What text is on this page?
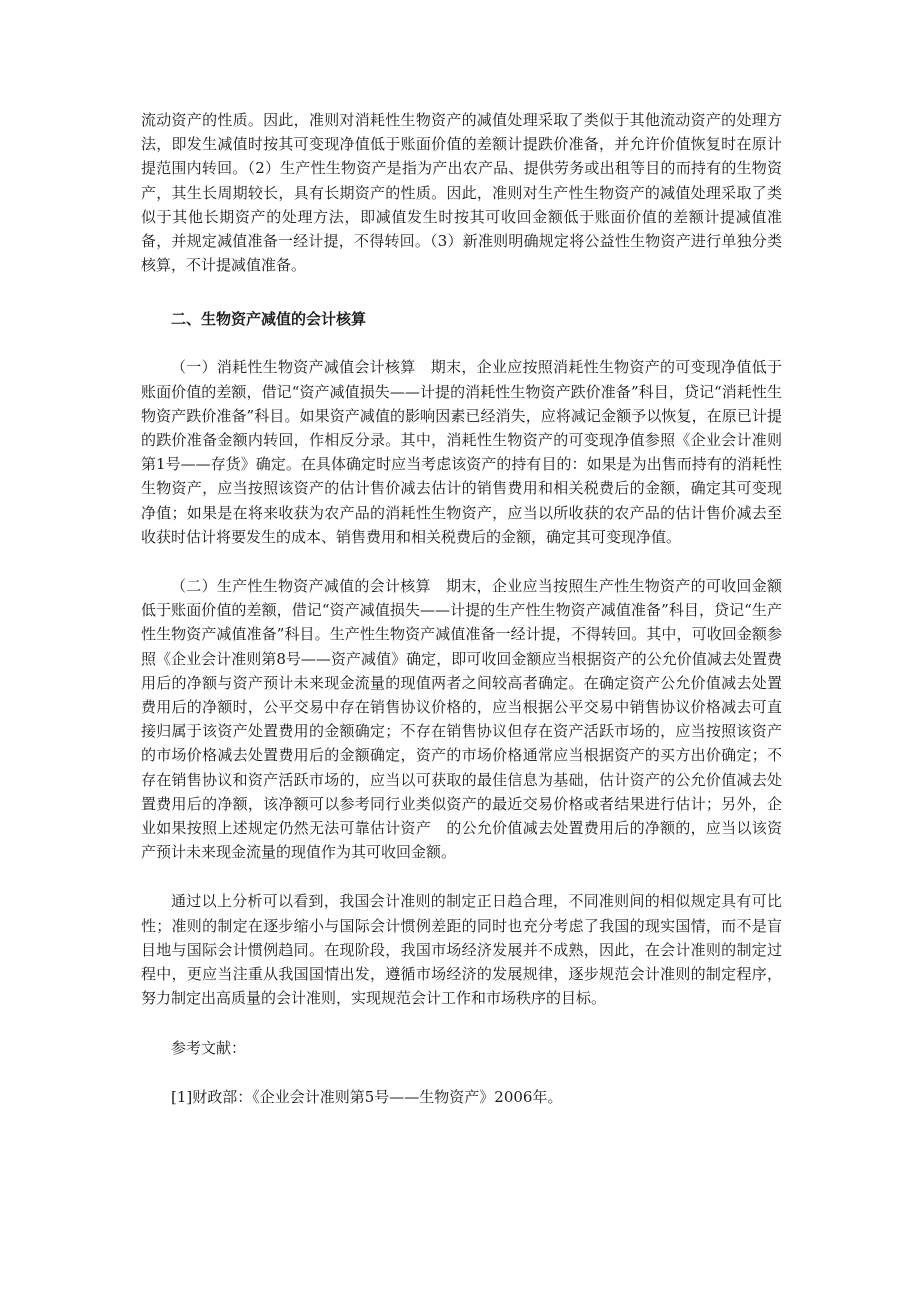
流动资产的性质。因此，准则对消耗性生物资产的减值处理采取了类似于其他流动资产的处理方法，即发生减值时按其可变现净值低于账面价值的差额计提跌价准备，并允许价值恢复时在原计提范围内转回。（2）生产性生物资产是指为产出农产品、提供劳务或出租等目的而持有的生物资产，其生长周期较长，具有长期资产的性质。因此，准则对生产性生物资产的减值处理采取了类似于其他长期资产的处理方法，即减值发生时按其可收回金额低于账面价值的差额计提减值准备，并规定减值准备一经计提，不得转回。（3）新准则明确规定将公益性生物资产进行单独分类核算，不计提减值准备。

二、生物资产减值的会计核算

（一）消耗性生物资产减值会计核算　期末，企业应按照消耗性生物资产的可变现净值低于账面价值的差额，借记“资产减值损失——计提的消耗性生物资产跌价准备”科目，贷记“消耗性生物资产跌价准备”科目。如果资产减值的影响因素已经消失，应将减记金额予以恢复，在原已计提的跌价准备金额内转回，作相反分录。其中，消耗性生物资产的可变现净值参照《企业会计准则第1号——存货》确定。在具体确定时应当考虑该资产的持有目的：如果是为出售而持有的消耗性生物资产，应当按照该资产的估计售价减去估计的销售费用和相关税费后的金额，确定其可变现净值；如果是在将来收获为农产品的消耗性生物资产，应当以所收获的农产品的估计售价减去至收获时估计将要发生的成本、销售费用和相关税费后的金额，确定其可变现净值。

（二）生产性生物资产减值的会计核算　期末，企业应当按照生产性生物资产的可收回金额低于账面价值的差额，借记“资产减值损失——计提的生产性生物资产减值准备”科目，贷记“生产性生物资产减值准备”科目。生产性生物资产减值准备一经计提，不得转回。其中，可收回金额参照《企业会计准则第8号——资产减值》确定，即可收回金额应当根据资产的公允价值减去处置费用后的净额与资产预计未来现金流量的现值两者之间较高者确定。在确定资产公允价值减去处置费用后的净额时，公平交易中存在销售协议价格的，应当根据公平交易中销售协议价格减去可直接归属于该资产处置费用的金额确定；不存在销售协议但存在资产活跃市场的，应当按照该资产的市场价格减去处置费用后的金额确定，资产的市场价格通常应当根据资产的买方出价确定；不存在销售协议和资产活跃市场的，应当以可获取的最佳信息为基础，估计资产的公允价值减去处置费用后的净额，该净额可以参考同行业类似资产的最近交易价格或者结果进行估计；另外，企业如果按照上述规定仍然无法可靠估计资产　的公允价值减去处置费用后的净额的，应当以该资产预计未来现金流量的现值作为其可收回金额。

通过以上分析可以看到，我国会计准则的制定正日趋合理，不同准则间的相似规定具有可比性；准则的制定在逐步缩小与国际会计惯例差距的同时也充分考虑了我国的现实国情，而不是盲目地与国际会计惯例趋同。在现阶段，我国市场经济发展并不成熟，因此，在会计准则的制定过程中，更应当注重从我国国情出发，遵循市场经济的发展规律，逐步规范会计准则的制定程序，努力制定出高质量的会计准则，实现规范会计工作和市场秩序的目标。

参考文献：

[1]财政部：《企业会计准则第5号——生物资产》2006年。
